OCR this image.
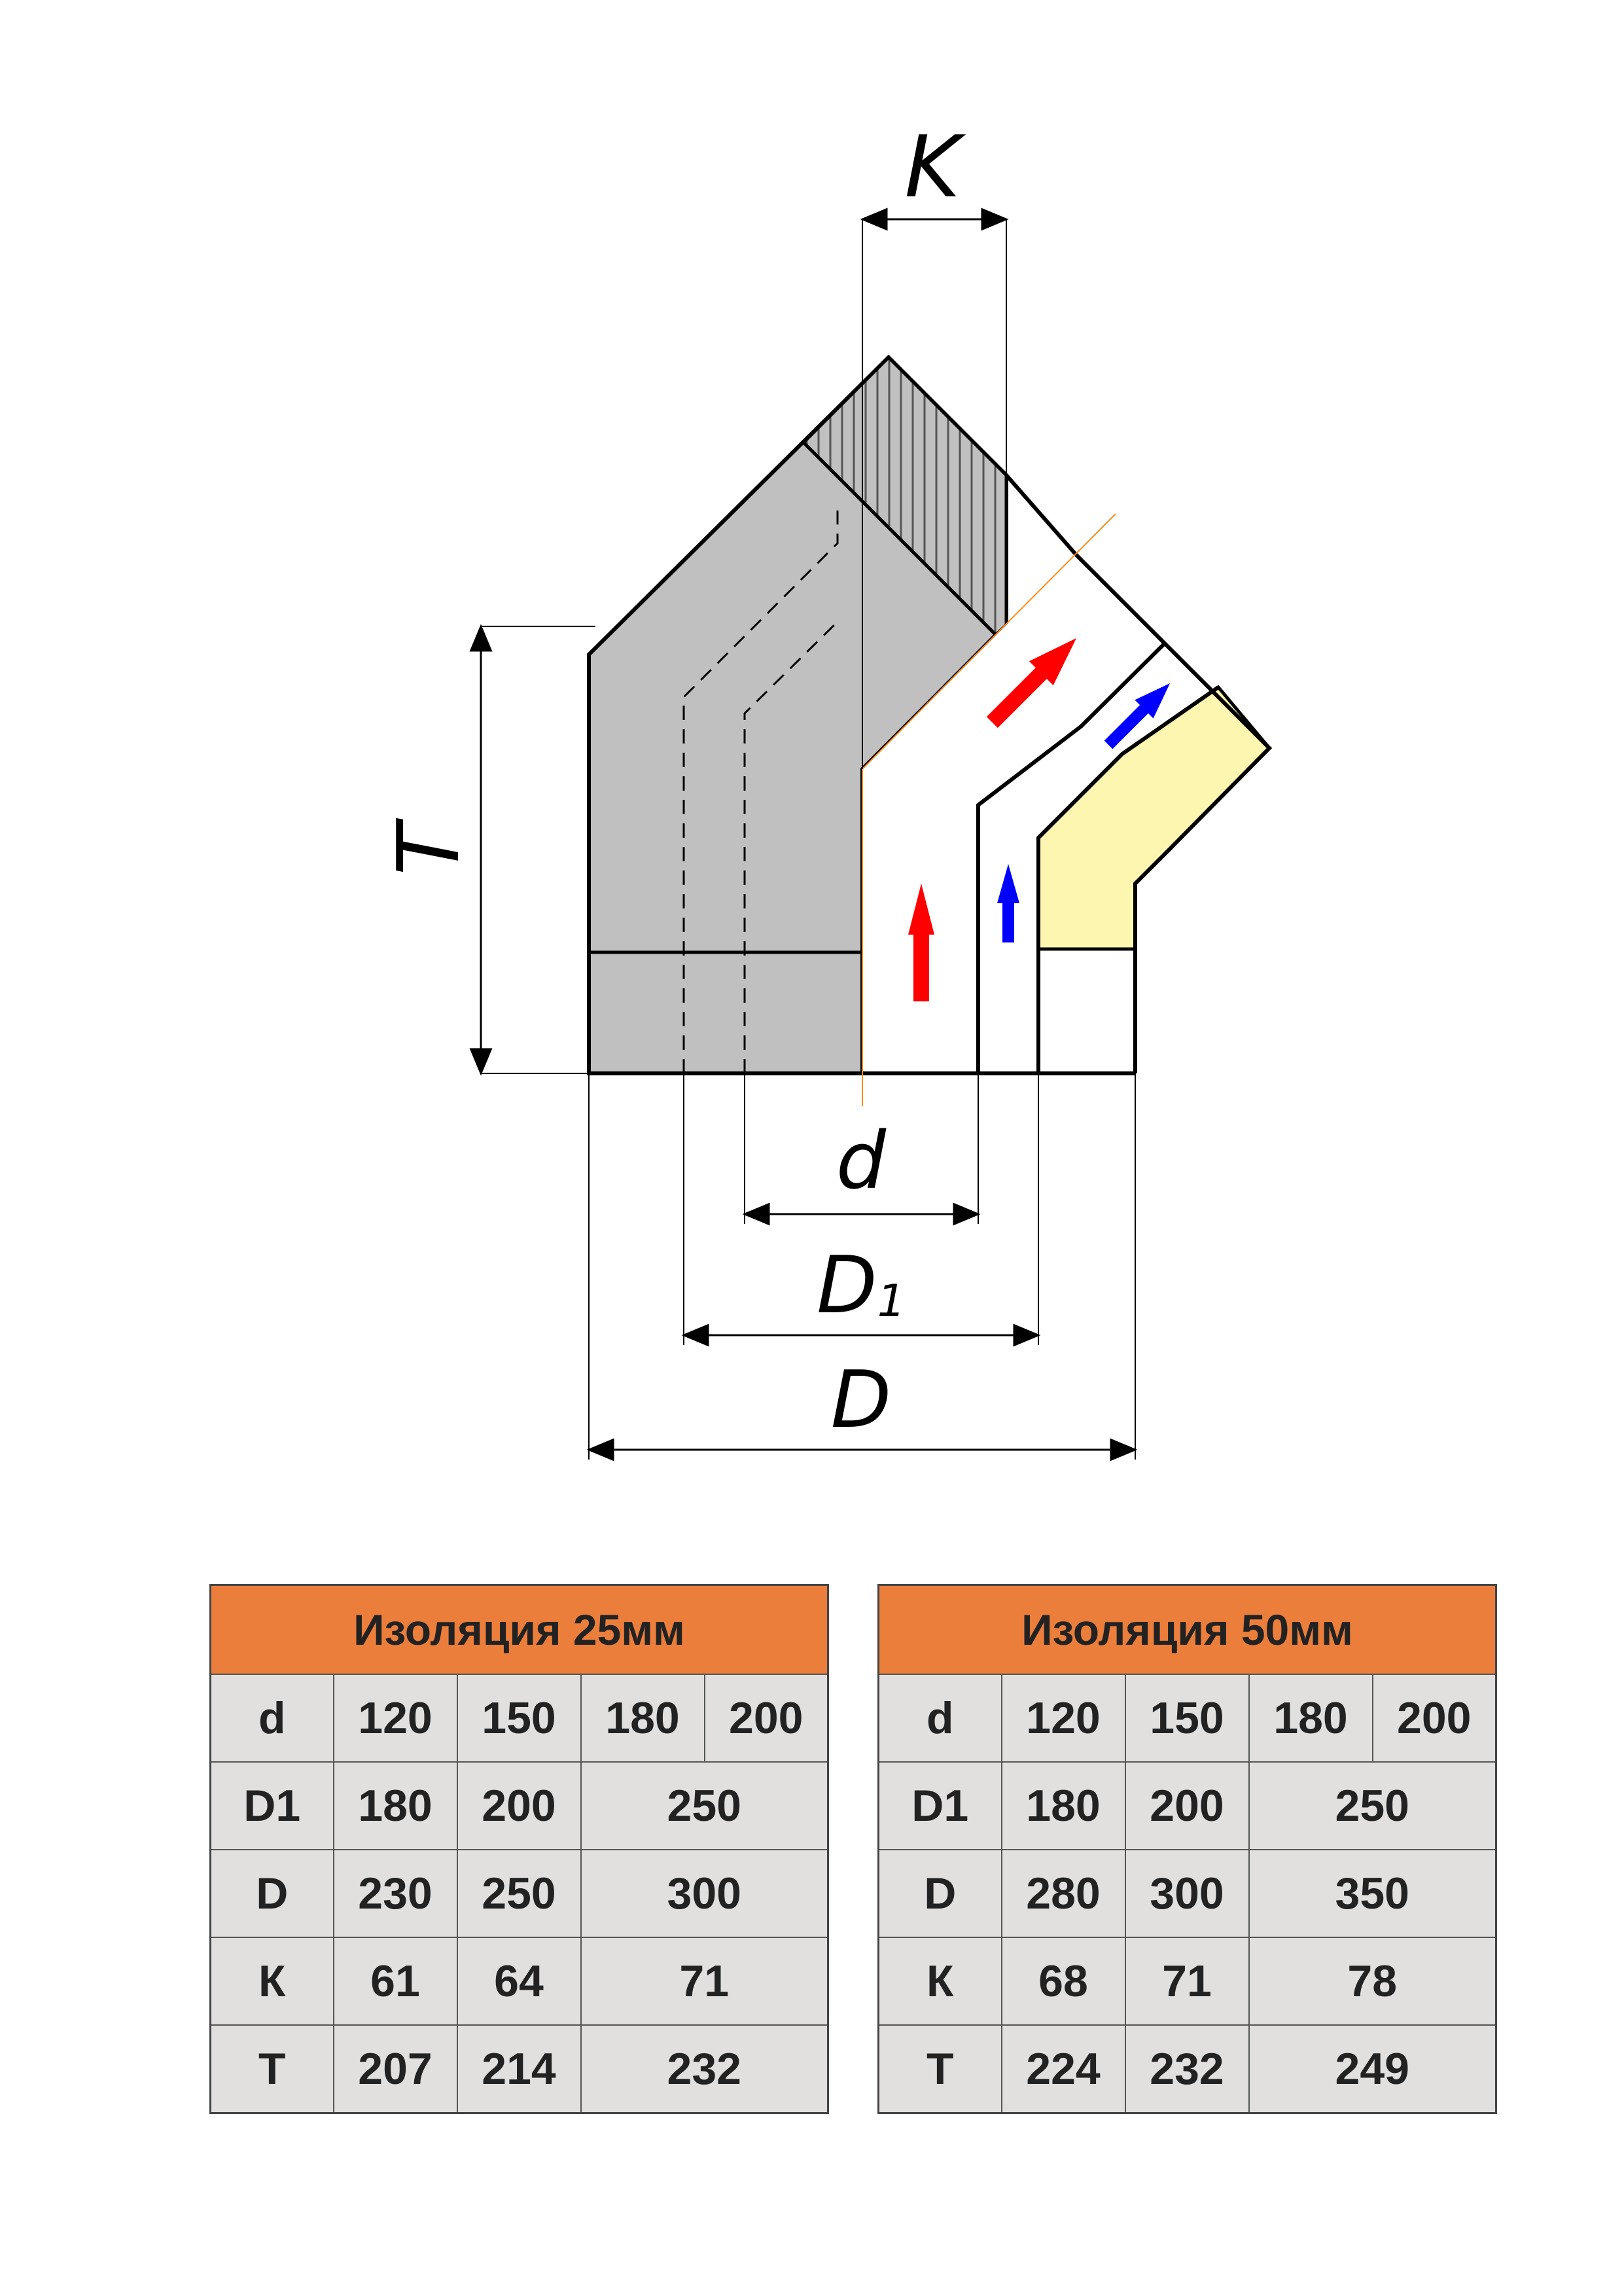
K
T
d
D1
D
Изоляция 25мм				
d	120	150	180	200
D1	180	200	250	
D	230	250	300	
К	61	64	71	
T	207	214	232	
Изоляция 50мм				
d	120	150	180	200
D1	180	200	250	
D	280	300	350	
К	68	71	78	
T	224	232	249	
